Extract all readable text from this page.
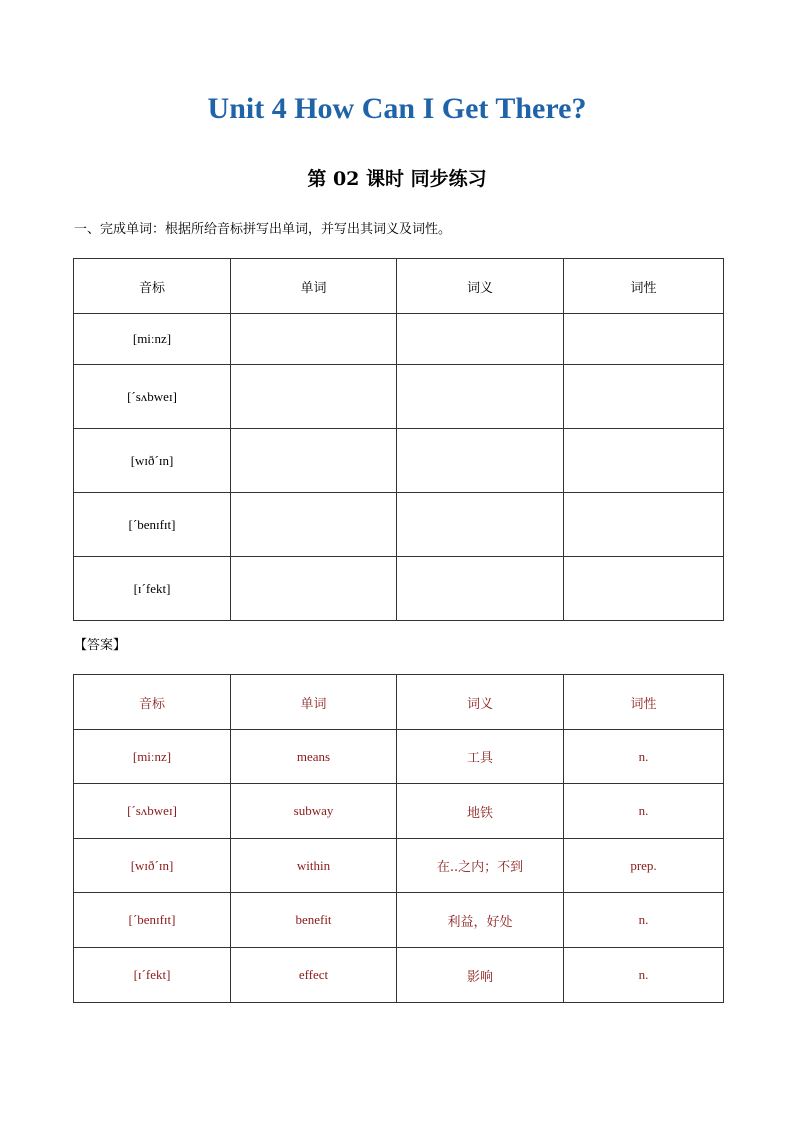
Unit 4 How Can I Get There?
第 02 课时 同步练习
一、完成单词：根据所给音标拼写出单词，并写出其词义及词性。
音标	单词	词义	词性
[miːnz]			
[ˊsʌbweɪ]			
[wɪðˊɪn]			
[ˊbenɪfɪt]			
[ɪˊfekt]			
【答案】
音标	单词	词义	词性
[miːnz]	means	工具	n.
[ˊsʌbweɪ]	subway	地铁	n.
[wɪðˊɪn]	within	在..之内；不到	prep.
[ˊbenɪfɪt]	benefit	利益，好处	n.
[ɪˊfekt]	effect	影响	n.
